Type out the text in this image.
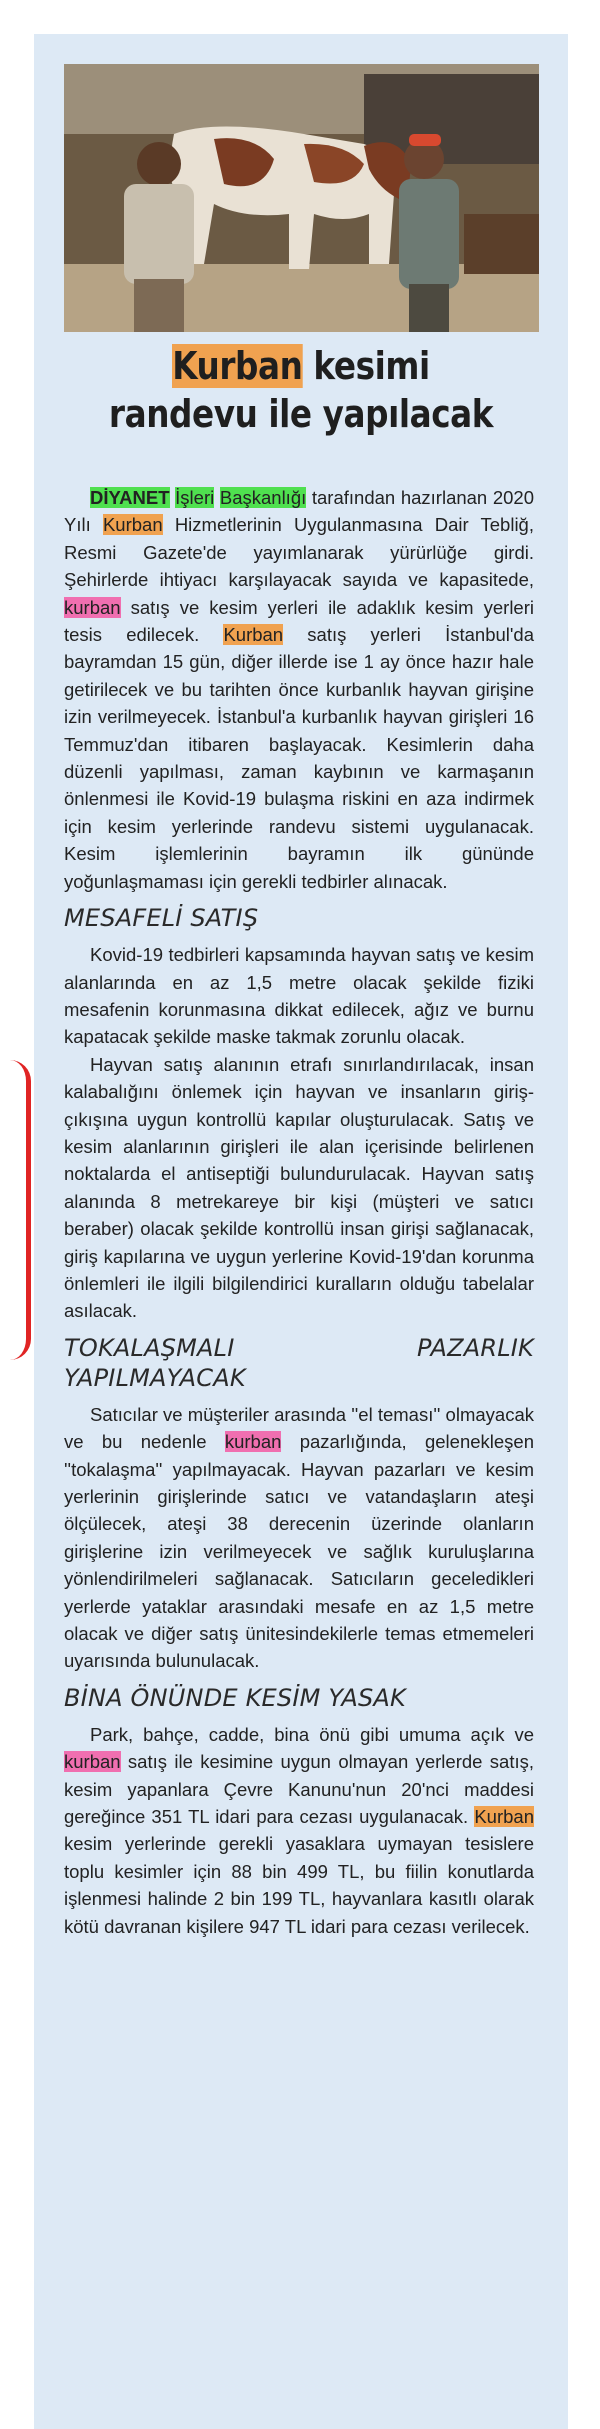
Kurban kesimi
randevu ile yapılacak

DİYANET İşleri Başkanlığı tarafından hazırlanan 2020 Yılı Kurban Hizmetlerinin Uygulanmasına Dair Tebliğ, Resmi Gazete'de yayımlanarak yürürlüğe girdi. Şehirlerde ihtiyacı karşılayacak sayıda ve kapasitede, kurban satış ve kesim yerleri ile adaklık kesim yerleri tesis edilecek. Kurban satış yerleri İstanbul'da bayramdan 15 gün, diğer illerde ise 1 ay önce hazır hale getirilecek ve bu tarihten önce kurbanlık hayvan girişine izin verilmeyecek. İstanbul'a kurbanlık hayvan girişleri 16 Temmuz'dan itibaren başlayacak. Kesimlerin daha düzenli yapılması, zaman kaybının ve karmaşanın önlenmesi ile Kovid-19 bulaşma riskini en aza indirmek için kesim yerlerinde randevu sistemi uygulanacak. Kesim işlemlerinin bayramın ilk gününde yoğunlaşmaması için gerekli tedbirler alınacak.

MESAFELİ SATIŞ

Kovid-19 tedbirleri kapsamında hayvan satış ve kesim alanlarında en az 1,5 metre olacak şekilde fiziki mesafenin korunmasına dikkat edilecek, ağız ve burnu kapatacak şekilde maske takmak zorunlu olacak.

Hayvan satış alanının etrafı sınırlandırılacak, insan kalabalığını önlemek için hayvan ve insanların giriş-çıkışına uygun kontrollü kapılar oluşturulacak. Satış ve kesim alanlarının girişleri ile alan içerisinde belirlenen noktalarda el antiseptiği bulundurulacak. Hayvan satış alanında 8 metrekareye bir kişi (müşteri ve satıcı beraber) olacak şekilde kontrollü insan girişi sağlanacak, giriş kapılarına ve uygun yerlerine Kovid-19'dan korunma önlemleri ile ilgili bilgilendirici kuralların olduğu tabelalar asılacak.

TOKALAŞMALI PAZARLIK YAPILMAYACAK

Satıcılar ve müşteriler arasında ''el teması'' olmayacak ve bu nedenle kurban pazarlığında, gelenekleşen ''tokalaşma'' yapılmayacak. Hayvan pazarları ve kesim yerlerinin girişlerinde satıcı ve vatandaşların ateşi ölçülecek, ateşi 38 derecenin üzerinde olanların girişlerine izin verilmeyecek ve sağlık kuruluşlarına yönlendirilmeleri sağlanacak. Satıcıların geceledikleri yerlerde yataklar arasındaki mesafe en az 1,5 metre olacak ve diğer satış ünitesindekilerle temas etmemeleri uyarısında bulunulacak.

BİNA ÖNÜNDE KESİM YASAK

Park, bahçe, cadde, bina önü gibi umuma açık ve kurban satış ile kesimine uygun olmayan yerlerde satış, kesim yapanlara Çevre Kanunu'nun 20'nci maddesi gereğince 351 TL idari para cezası uygulanacak. Kurban kesim yerlerinde gerekli yasaklara uymayan tesislere toplu kesimler için 88 bin 499 TL, bu fiilin konutlarda işlenmesi halinde 2 bin 199 TL, hayvanlara kasıtlı olarak kötü davranan kişilere 947 TL idari para cezası verilecek.
